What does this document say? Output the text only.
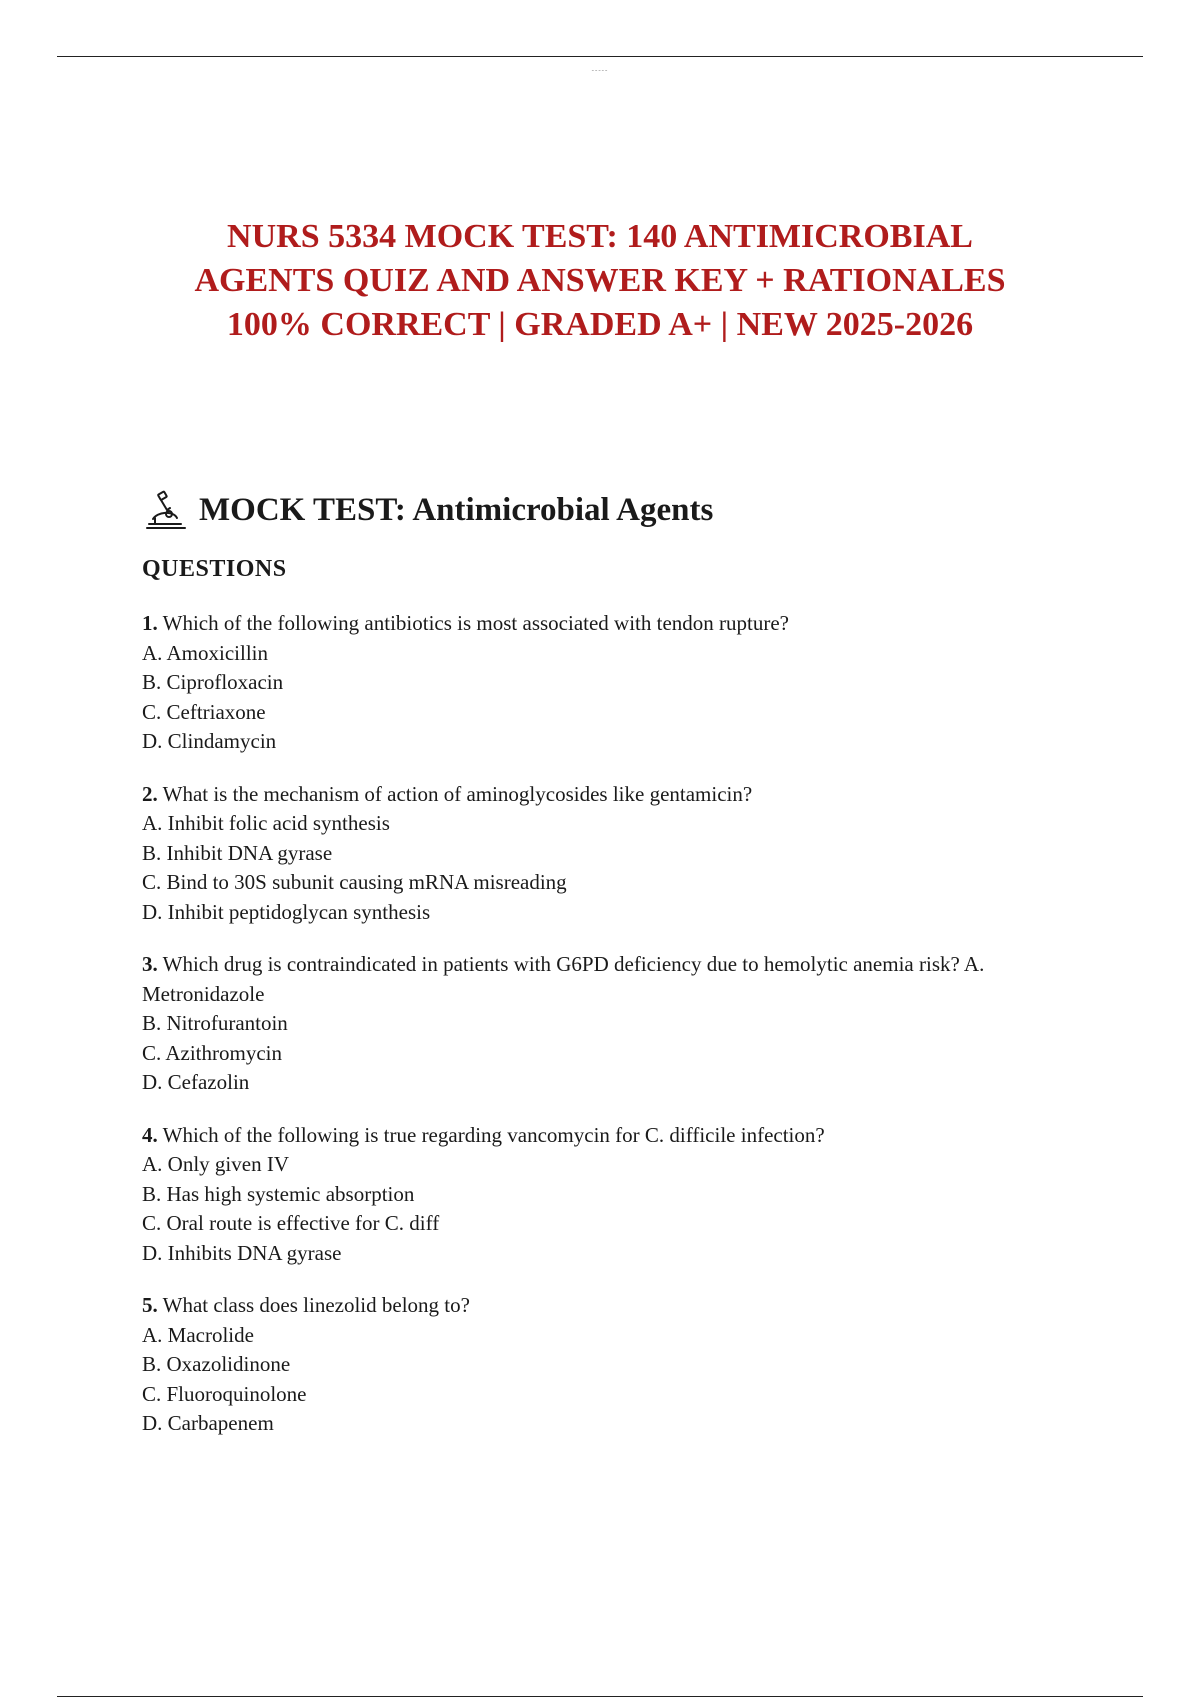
-----
NURS 5334 MOCK TEST: 140 ANTIMICROBIAL
AGENTS QUIZ AND ANSWER KEY + RATIONALES
100% CORRECT | GRADED A+ | NEW 2025-2026
MOCK TEST: Antimicrobial Agents
QUESTIONS
1. Which of the following antibiotics is most associated with tendon rupture?
A. Amoxicillin
B. Ciprofloxacin
C. Ceftriaxone
D. Clindamycin
2. What is the mechanism of action of aminoglycosides like gentamicin?
A. Inhibit folic acid synthesis
B. Inhibit DNA gyrase
C. Bind to 30S subunit causing mRNA misreading
D. Inhibit peptidoglycan synthesis
3. Which drug is contraindicated in patients with G6PD deficiency due to hemolytic anemia risk? A. Metronidazole
B. Nitrofurantoin
C. Azithromycin
D. Cefazolin
4. Which of the following is true regarding vancomycin for C. difficile infection?
A. Only given IV
B. Has high systemic absorption
C. Oral route is effective for C. diff
D. Inhibits DNA gyrase
5. What class does linezolid belong to?
A. Macrolide
B. Oxazolidinone
C. Fluoroquinolone
D. Carbapenem
